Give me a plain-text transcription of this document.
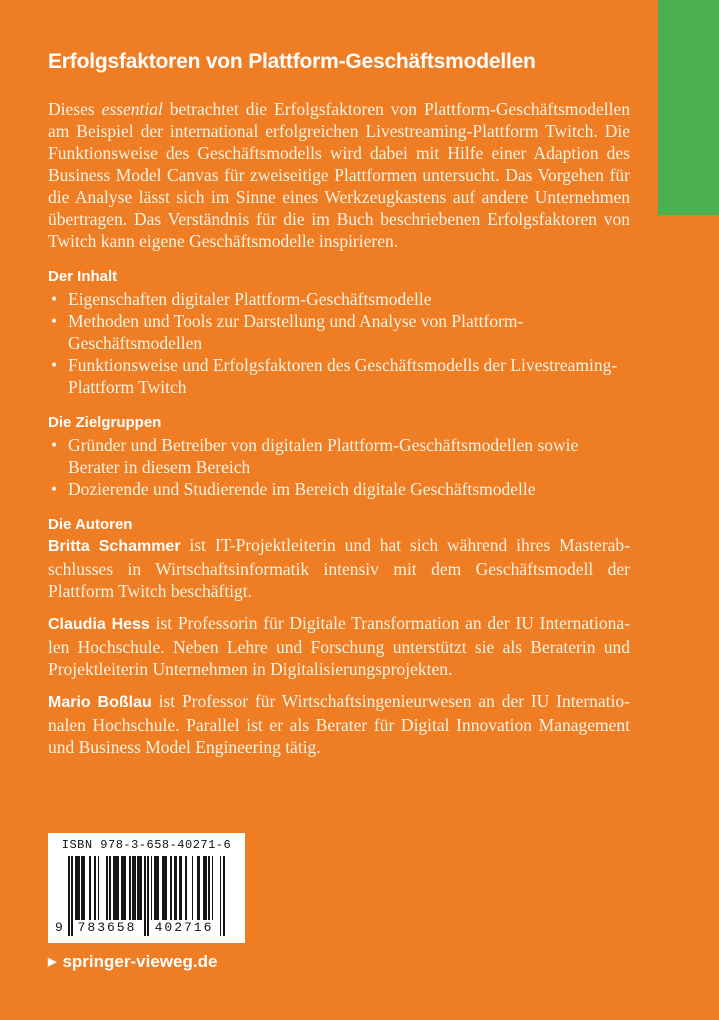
Erfolgsfaktoren von Plattform-Geschäftsmodellen

Dieses essential betrachtet die Erfolgsfaktoren von Plattform-Geschäftsmodellen am Beispiel der international erfolgreichen Livestreaming-Plattform Twitch. Die Funktionsweise des Geschäftsmodells wird dabei mit Hilfe einer Adaption des Business Model Canvas für zweiseitige Plattformen untersucht. Das Vorgehen für die Analyse lässt sich im Sinne eines Werkzeugkastens auf andere Unternehmen übertragen. Das Verständnis für die im Buch beschriebenen Erfolgsfaktoren von Twitch kann eigene Geschäftsmodelle inspirieren.

Der Inhalt
• Eigenschaften digitaler Plattform-Geschäftsmodelle
• Methoden und Tools zur Darstellung und Analyse von Plattform-Geschäftsmodellen
• Funktionsweise und Erfolgsfaktoren des Geschäftsmodells der Livestreaming-Plattform Twitch
Die Zielgruppen
• Gründer und Betreiber von digitalen Plattform-Geschäftsmodellen sowie Berater in diesem Bereich
• Dozierende und Studierende im Bereich digitale Geschäftsmodelle
Die Autoren

Britta Schammer ist IT-Projektleiterin und hat sich während ihres Masterabschlusses in Wirtschaftsinformatik intensiv mit dem Geschäftsmodell der Plattform Twitch beschäftigt.

Claudia Hess ist Professorin für Digitale Transformation an der IU Internationalen Hochschule. Neben Lehre und Forschung unterstützt sie als Beraterin und Projektleiterin Unternehmen in Digitalisierungsprojekten.

Mario Boßlau ist Professor für Wirtschaftsingenieurwesen an der IU Internationalen Hochschule. Parallel ist er als Berater für Digital Innovation Management und Business Model Engineering tätig.

ISBN 978-3-658-40271-6
9 783658 402716
▶ springer-vieweg.de
